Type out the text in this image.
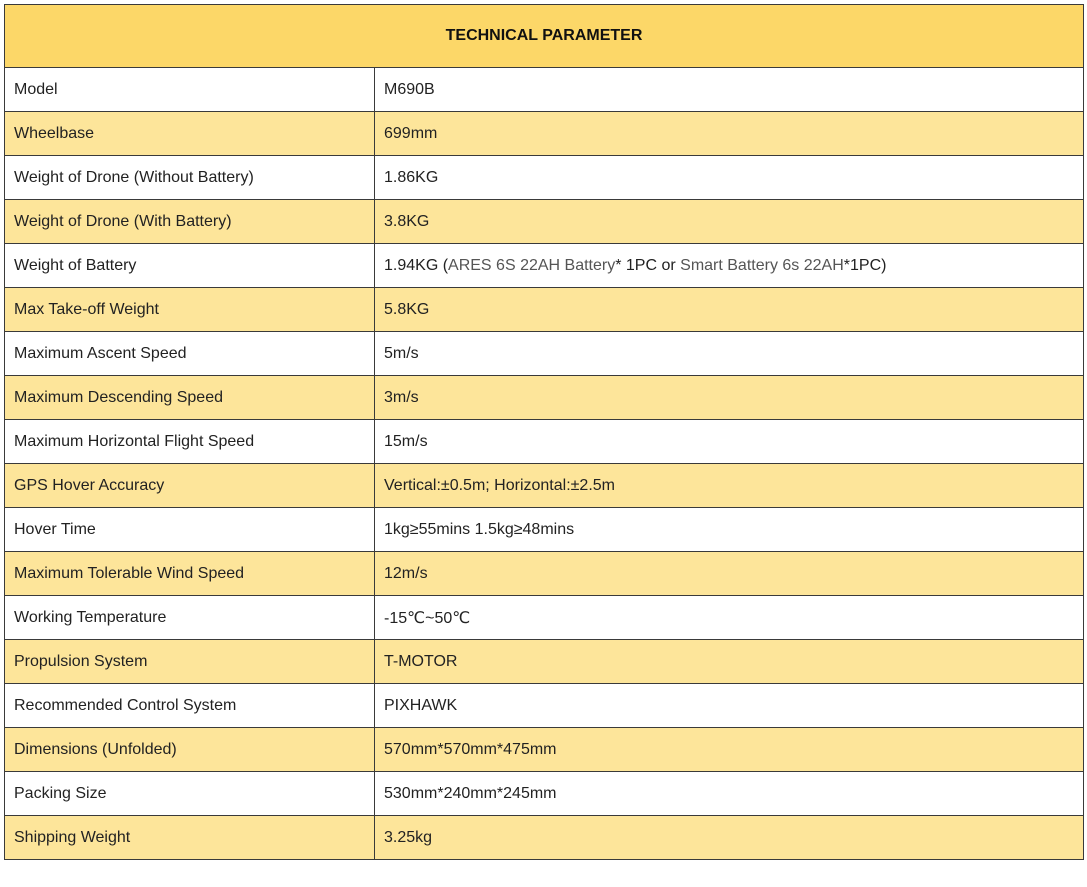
TECHNICAL PARAMETER	
Model	M690B
Wheelbase	699mm
Weight of Drone (Without Battery)	1.86KG
Weight of Drone (With Battery)	3.8KG
Weight of Battery	1.94KG (ARES 6S 22AH Battery* 1PC or Smart Battery 6s 22AH*1PC)
Max Take-off Weight	5.8KG
Maximum Ascent Speed	5m/s
Maximum Descending Speed	3m/s
Maximum Horizontal Flight Speed	15m/s
GPS Hover Accuracy	Vertical:±0.5m; Horizontal:±2.5m
Hover Time	1kg≥55mins 1.5kg≥48mins
Maximum Tolerable Wind Speed	12m/s
Working Temperature	-15℃~50℃
Propulsion System	T-MOTOR
Recommended Control System	PIXHAWK
Dimensions (Unfolded)	570mm*570mm*475mm
Packing Size	530mm*240mm*245mm
Shipping Weight	3.25kg
